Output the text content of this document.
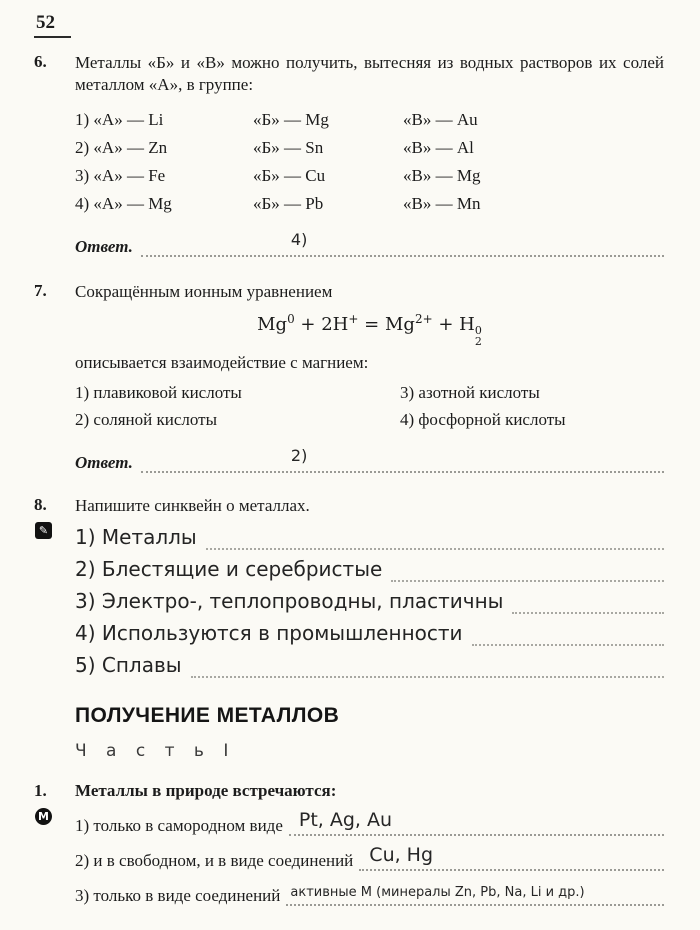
52
6.	Металлы «Б» и «В» можно получить, вытесняя из водных растворов их солей металлом «А», в группе:

1) «А» — Li	«Б» — Mg	«В» — Au
2) «А» — Zn	«Б» — Sn	«В» — Al
3) «А» — Fe	«Б» — Cu	«В» — Mg
4) «А» — Mg	«Б» — Pb	«В» — Mn
Ответ.	4)
7.	Сокращённым ионным уравнением

$Mg^0 + 2H^+ = Mg^{2+} + H$ 0
2

описывается взаимодействие с магнием:

1) плавиковой кислоты	3) азотной кислоты
2) соляной кислоты	4) фосфорной кислоты
Ответ.	2)
8.
✎

Напишите синквейн о металлах.

1) Металлы
2) Блестящие и серебристые
3) Электро-, теплопроводны, пластичны
4) Используются в промышленности
5) Сплавы
ПОЛУЧЕНИЕ МЕТАЛЛОВ
Ч а с т ь I
1.
М

Металлы в природе встречаются:

1) только в самородном виде Pt, Ag, Au
2) и в свободном, и в виде соединений Cu, Hg
3) только в виде соединений активные M (минералы Zn, Pb, Na, Li и др.)
